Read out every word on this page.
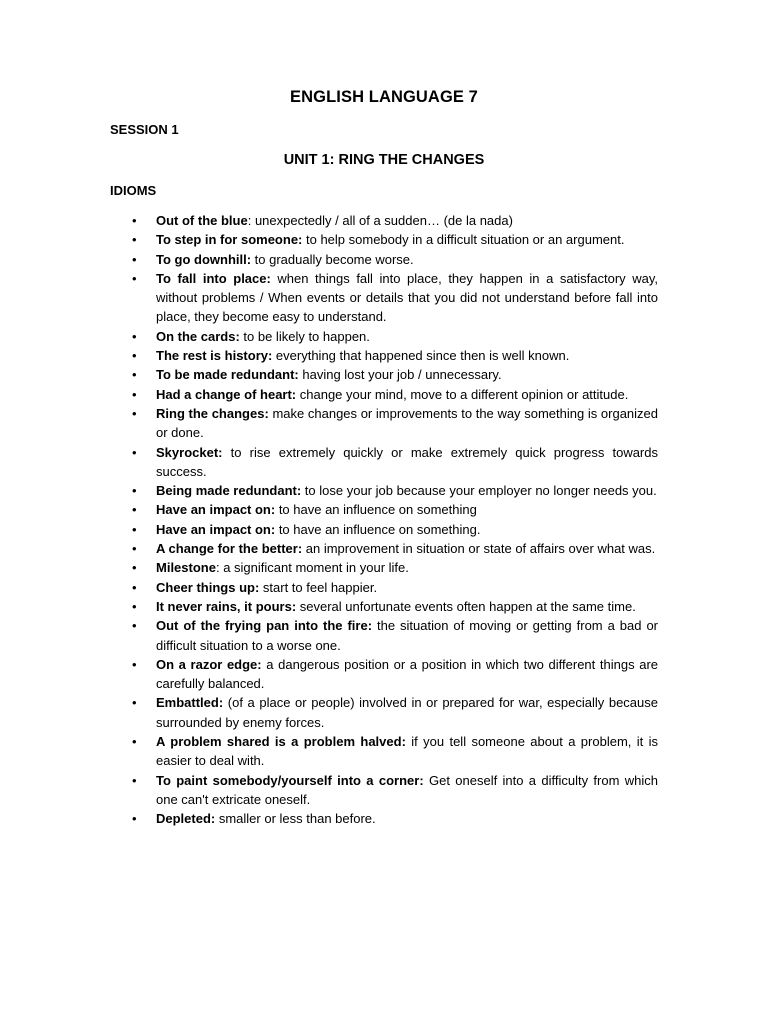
ENGLISH LANGUAGE 7
SESSION 1
UNIT 1: RING THE CHANGES
IDIOMS
• Out of the blue: unexpectedly / all of a sudden… (de la nada)
• To step in for someone: to help somebody in a difficult situation or an argument.
• To go downhill: to gradually become worse.
• To fall into place: when things fall into place, they happen in a satisfactory way, without problems / When events or details that you did not understand before fall into place, they become easy to understand.
• On the cards: to be likely to happen.
• The rest is history: everything that happened since then is well known.
• To be made redundant: having lost your job / unnecessary.
• Had a change of heart: change your mind, move to a different opinion or attitude.
• Ring the changes: make changes or improvements to the way something is organized or done.
• Skyrocket: to rise extremely quickly or make extremely quick progress towards success.
• Being made redundant: to lose your job because your employer no longer needs you.
• Have an impact on: to have an influence on something
• Have an impact on: to have an influence on something.
• A change for the better: an improvement in situation or state of affairs over what was.
• Milestone: a significant moment in your life.
• Cheer things up: start to feel happier.
• It never rains, it pours: several unfortunate events often happen at the same time.
• Out of the frying pan into the fire: the situation of moving or getting from a bad or difficult situation to a worse one.
• On a razor edge: a dangerous position or a position in which two different things are carefully balanced.
• Embattled: (of a place or people) involved in or prepared for war, especially because surrounded by enemy forces.
• A problem shared is a problem halved: if you tell someone about a problem, it is easier to deal with.
• To paint somebody/yourself into a corner: Get oneself into a difficulty from which one can't extricate oneself.
• Depleted: smaller or less than before.
